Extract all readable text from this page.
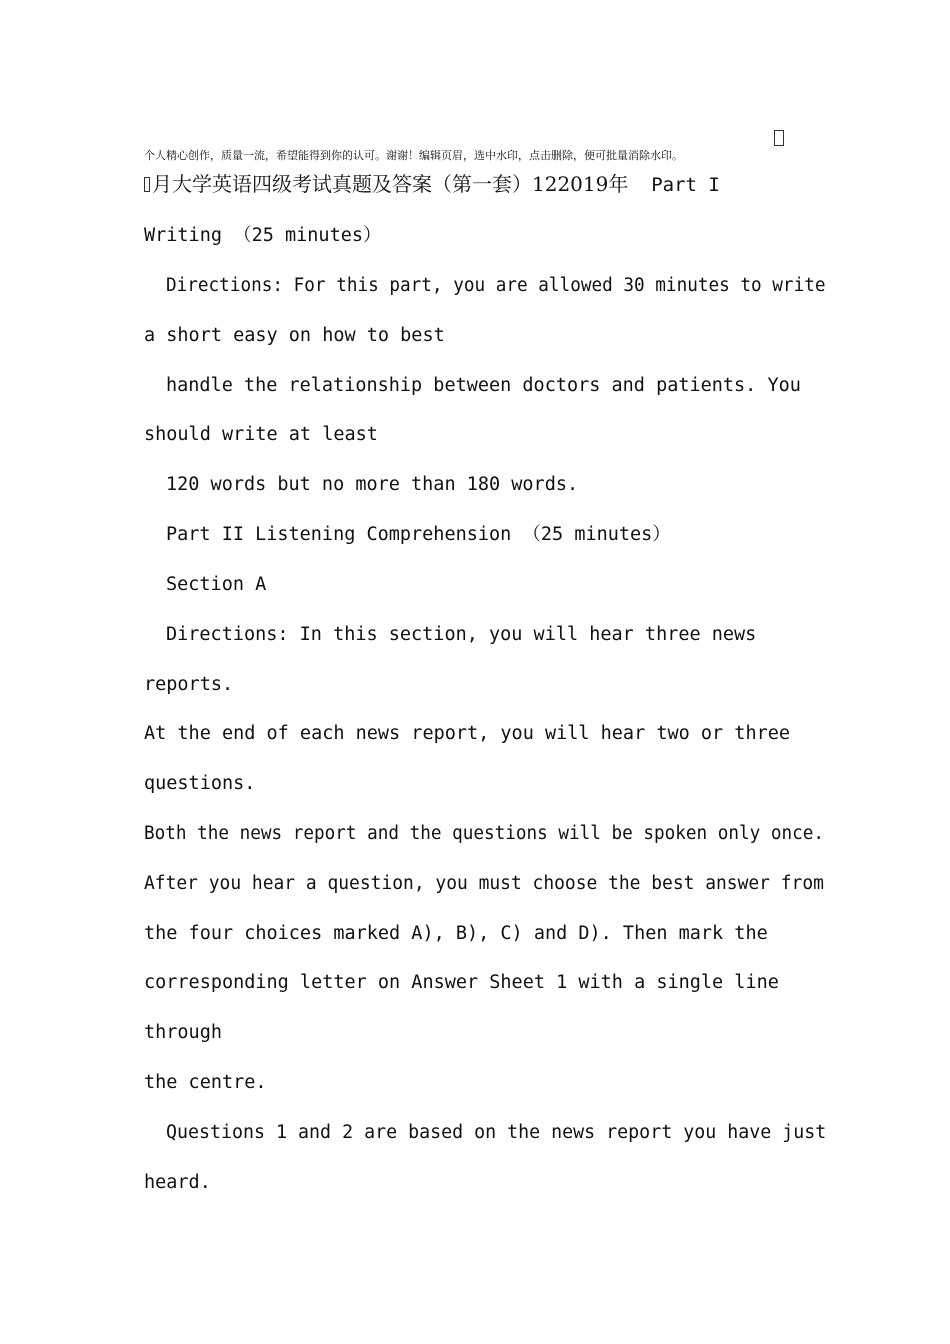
个人精心创作，质量一流，希望能得到你的认可。谢谢！编辑页眉，选中水印，点击删除，便可批量消除水印。
月大学英语四级考试真题及答案（第一套）122019年  Part I
Writing （25 minutes）
Directions: For this part, you are allowed 30 minutes to write
a short easy on how to best
handle the relationship between doctors and patients. You
should write at least
120 words but no more than 180 words.
Part II Listening Comprehension （25 minutes）
Section A
Directions: In this section, you will hear three news
reports.
At the end of each news report, you will hear two or three
questions.
Both the news report and the questions will be spoken only once.
After you hear a question, you must choose the best answer from
the four choices marked A), B), C) and D). Then mark the
corresponding letter on Answer Sheet 1 with a single line
through
the centre.
Questions 1 and 2 are based on the news report you have just
heard.
